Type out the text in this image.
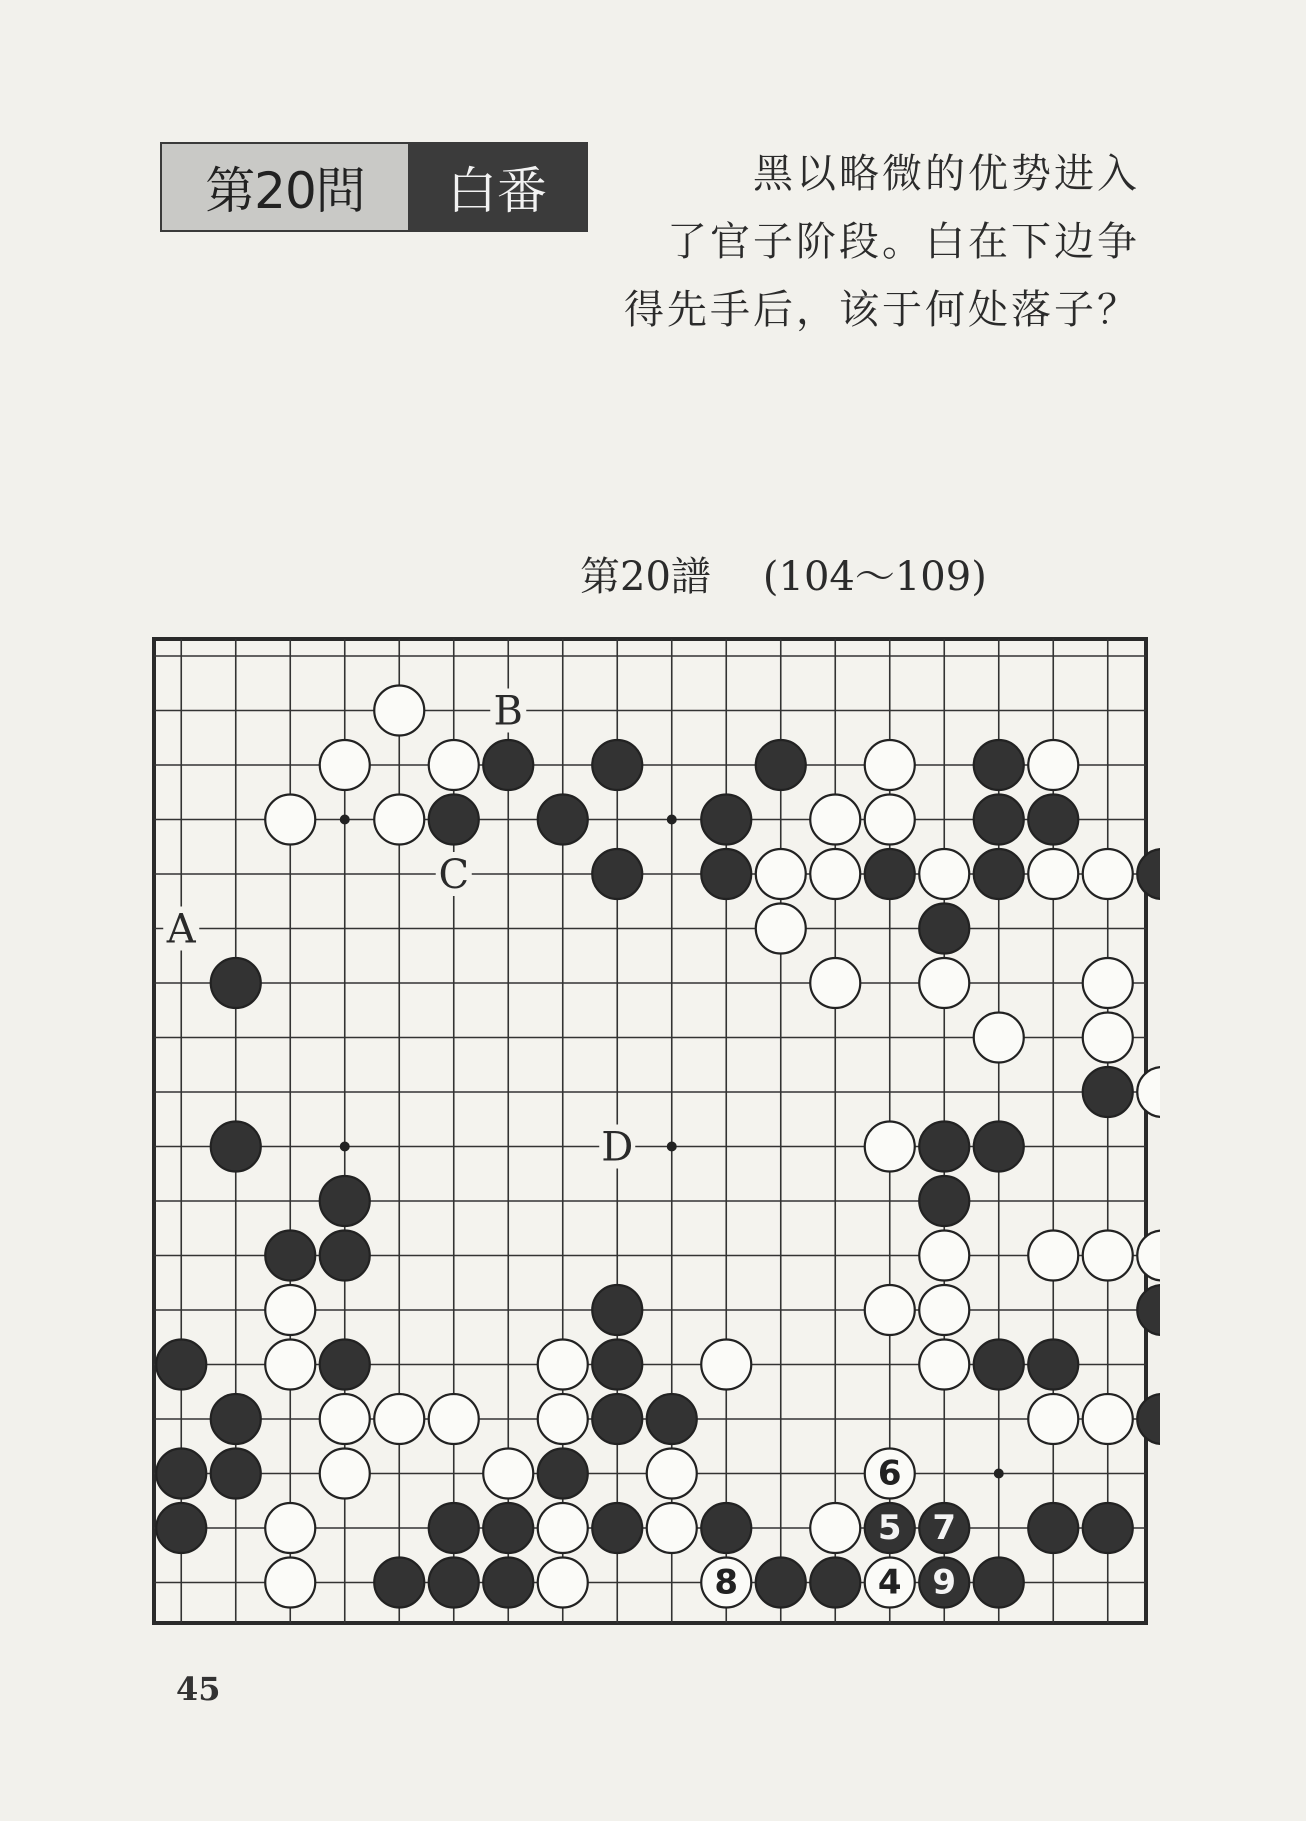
第20問	白番	黑以略微的优势进入
了官子阶段。白在下边争
得先手后，该于何处落子？
第20譜 (104～109)
4
5
6
7
8	9
A
B
C
D
45
